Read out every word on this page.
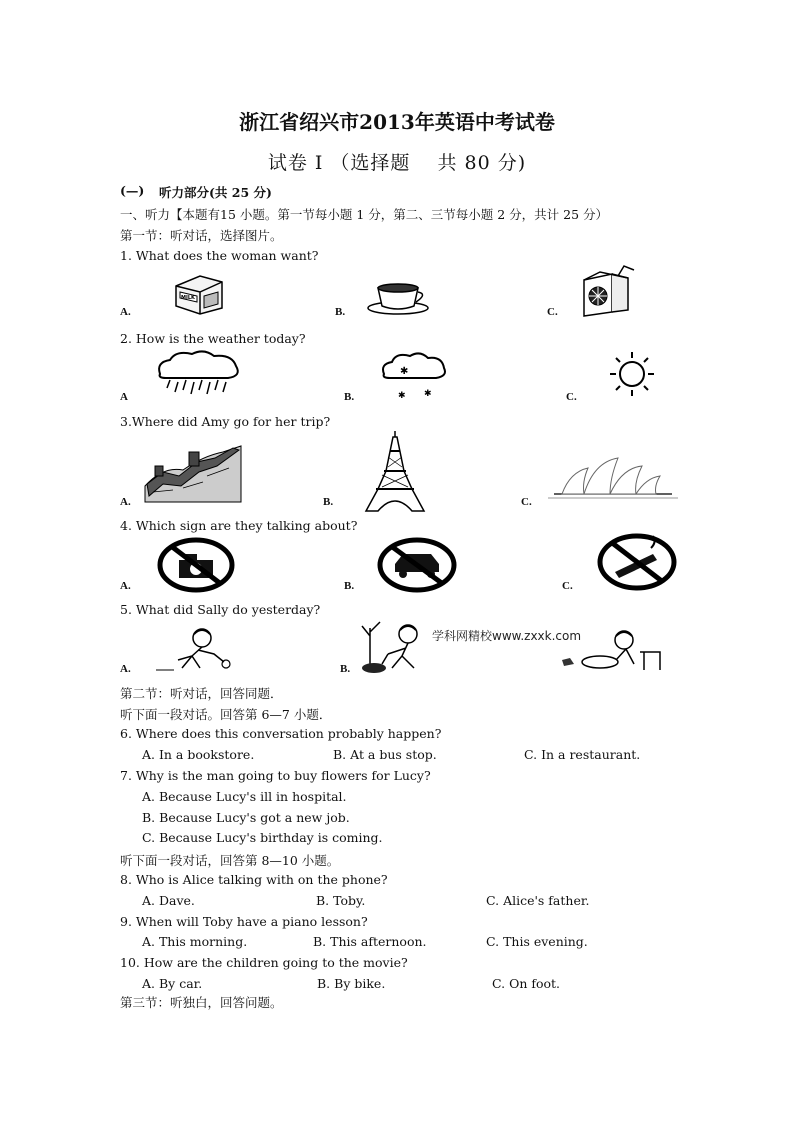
浙江省绍兴市2013年英语中考试卷
试卷 Ⅰ （选择题　 共 80 分)
(—) 听力部分(共 25 分)
一、听力【本题有15 小题。第一节每小题 1 分，第二、三节每小题 2 分，共计 25 分）
第一节：听对话，选择图片。
1. What does the woman want?
A.
MILK
B.	C.
2. How is the weather today?
A	B.
✱
✱ ✱	C.
3.Where did Amy go for her trip?
A.	B.	C.
4. Which sign are they talking about?
A.	B.	C.
5. What did Sally do yesterday?
A.	B.
学科网精校www.zxxk.com
第二节：听对话，回答同题．
听下面一段对话。回答第 6—7 小题．
6. Where does this conversation probably happen?
A. In a bookstore.	B. At a bus stop.	C. In a restaurant.
7. Why is the man going to buy flowers for Lucy?
A. Because Lucy's ill in hospital.
B. Because Lucy's got a new job.
C. Because Lucy's birthday is coming.
听下面一段对话，回答第 8—10 小题。
8. Who is Alice talking with on the phone?
A. Dave.	B. Toby.	C. Alice's father.
9. When will Toby have a piano lesson?
A. This morning.	B. This afternoon.	C. This evening.
10. How are the children going to the movie?
A. By car.	B. By bike.	C. On foot.
第三节：听独白，回答问题。
